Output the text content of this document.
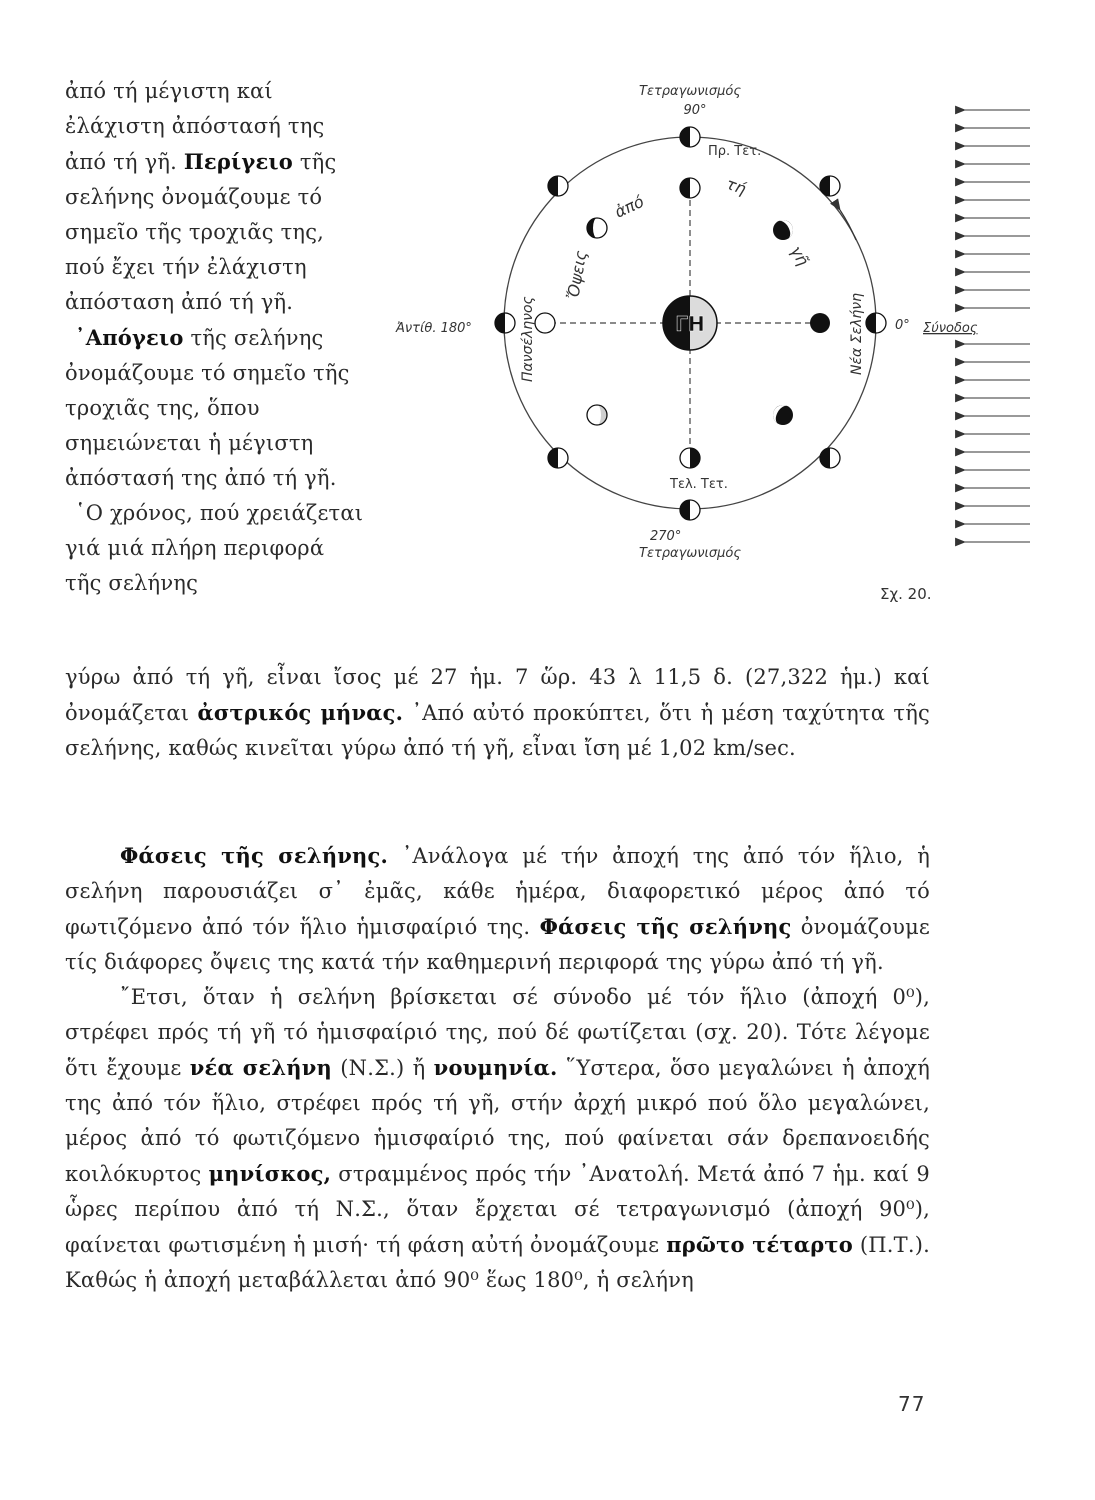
ἀπό τή μέγιστη καί ἐλάχιστη ἀπόστασή της ἀπό τή γῆ. Περίγειο τῆς σελήνης ὀνομάζουμε τό σημεῖο τῆς τροχιᾶς της, πού ἔχει τήν ἐλάχιστη ἀπόσταση ἀπό τή γῆ.

᾿Απόγειο τῆς σελήνης ὀνομάζουμε τό σημεῖο τῆς τροχιᾶς της, ὅπου σημειώνεται ἡ μέγιστη ἀπόστασή της ἀπό τή γῆ.

῾Ο χρόνος, πού χρειάζεται γιά μιά πλήρη περιφορά τῆς σελήνης

ΓΗ
Τετραγωνισμός
90°
Πρ. Τετ.
Τελ. Τετ.
270°
Τετραγωνισμός
Ἀντίθ. 180°	0° Σύνοδος
Πανσέληνος	Νέα Σελήνη
Ὄψεις
ἀπό
τή
γῆ
Σχ. 20.

γύρω ἀπό τή γῆ, εἶναι ἴσος μέ 27 ἡμ. 7 ὥρ. 43 λ 11,5 δ. (27,322 ἡμ.) καί ὀνομάζεται ἀστρικός μήνας. ᾿Από αὐτό προκύπτει, ὅτι ἡ μέση ταχύτητα τῆς σελήνης, καθώς κινεῖται γύρω ἀπό τή γῆ, εἶναι ἴση μέ 1,02 km/sec.

Φάσεις τῆς σελήνης. ᾿Ανάλογα μέ τήν ἀποχή της ἀπό τόν ἥλιο, ἡ σελήνη παρουσιάζει σ᾿ ἐμᾶς, κάθε ἡμέρα, διαφορετικό μέρος ἀπό τό φωτιζόμενο ἀπό τόν ἥλιο ἡμισφαίριό της. Φάσεις τῆς σελήνης ὀνομάζουμε τίς διάφορες ὄψεις της κατά τήν καθημερινή περιφορά της γύρω ἀπό τή γῆ.

῎Ετσι, ὅταν ἡ σελήνη βρίσκεται σέ σύνοδο μέ τόν ἥλιο (ἀποχή 0⁰), στρέφει πρός τή γῆ τό ἡμισφαίριό της, πού δέ φωτίζεται (σχ. 20). Τότε λέγομε ὅτι ἔχουμε νέα σελήνη (Ν.Σ.) ἤ νουμηνία. ῞Υστερα, ὅσο μεγαλώνει ἡ ἀποχή της ἀπό τόν ἥλιο, στρέφει πρός τή γῆ, στήν ἀρχή μικρό πού ὅλο μεγαλώνει, μέρος ἀπό τό φωτιζόμενο ἡμισφαίριό της, πού φαίνεται σάν δρεπανοειδής κοιλόκυρτος μηνίσκος, στραμμένος πρός τήν ᾿Ανατολή. Μετά ἀπό 7 ἡμ. καί 9 ὧρες περίπου ἀπό τή Ν.Σ., ὅταν ἔρχεται σέ τετραγωνισμό (ἀποχή 90⁰), φαίνεται φωτισμένη ἡ μισή· τή φάση αὐτή ὀνομάζουμε πρῶτο τέταρτο (Π.Τ.). Καθώς ἡ ἀποχή μεταβάλλεται ἀπό 90⁰ ἕως 180⁰, ἡ σελήνη

77
